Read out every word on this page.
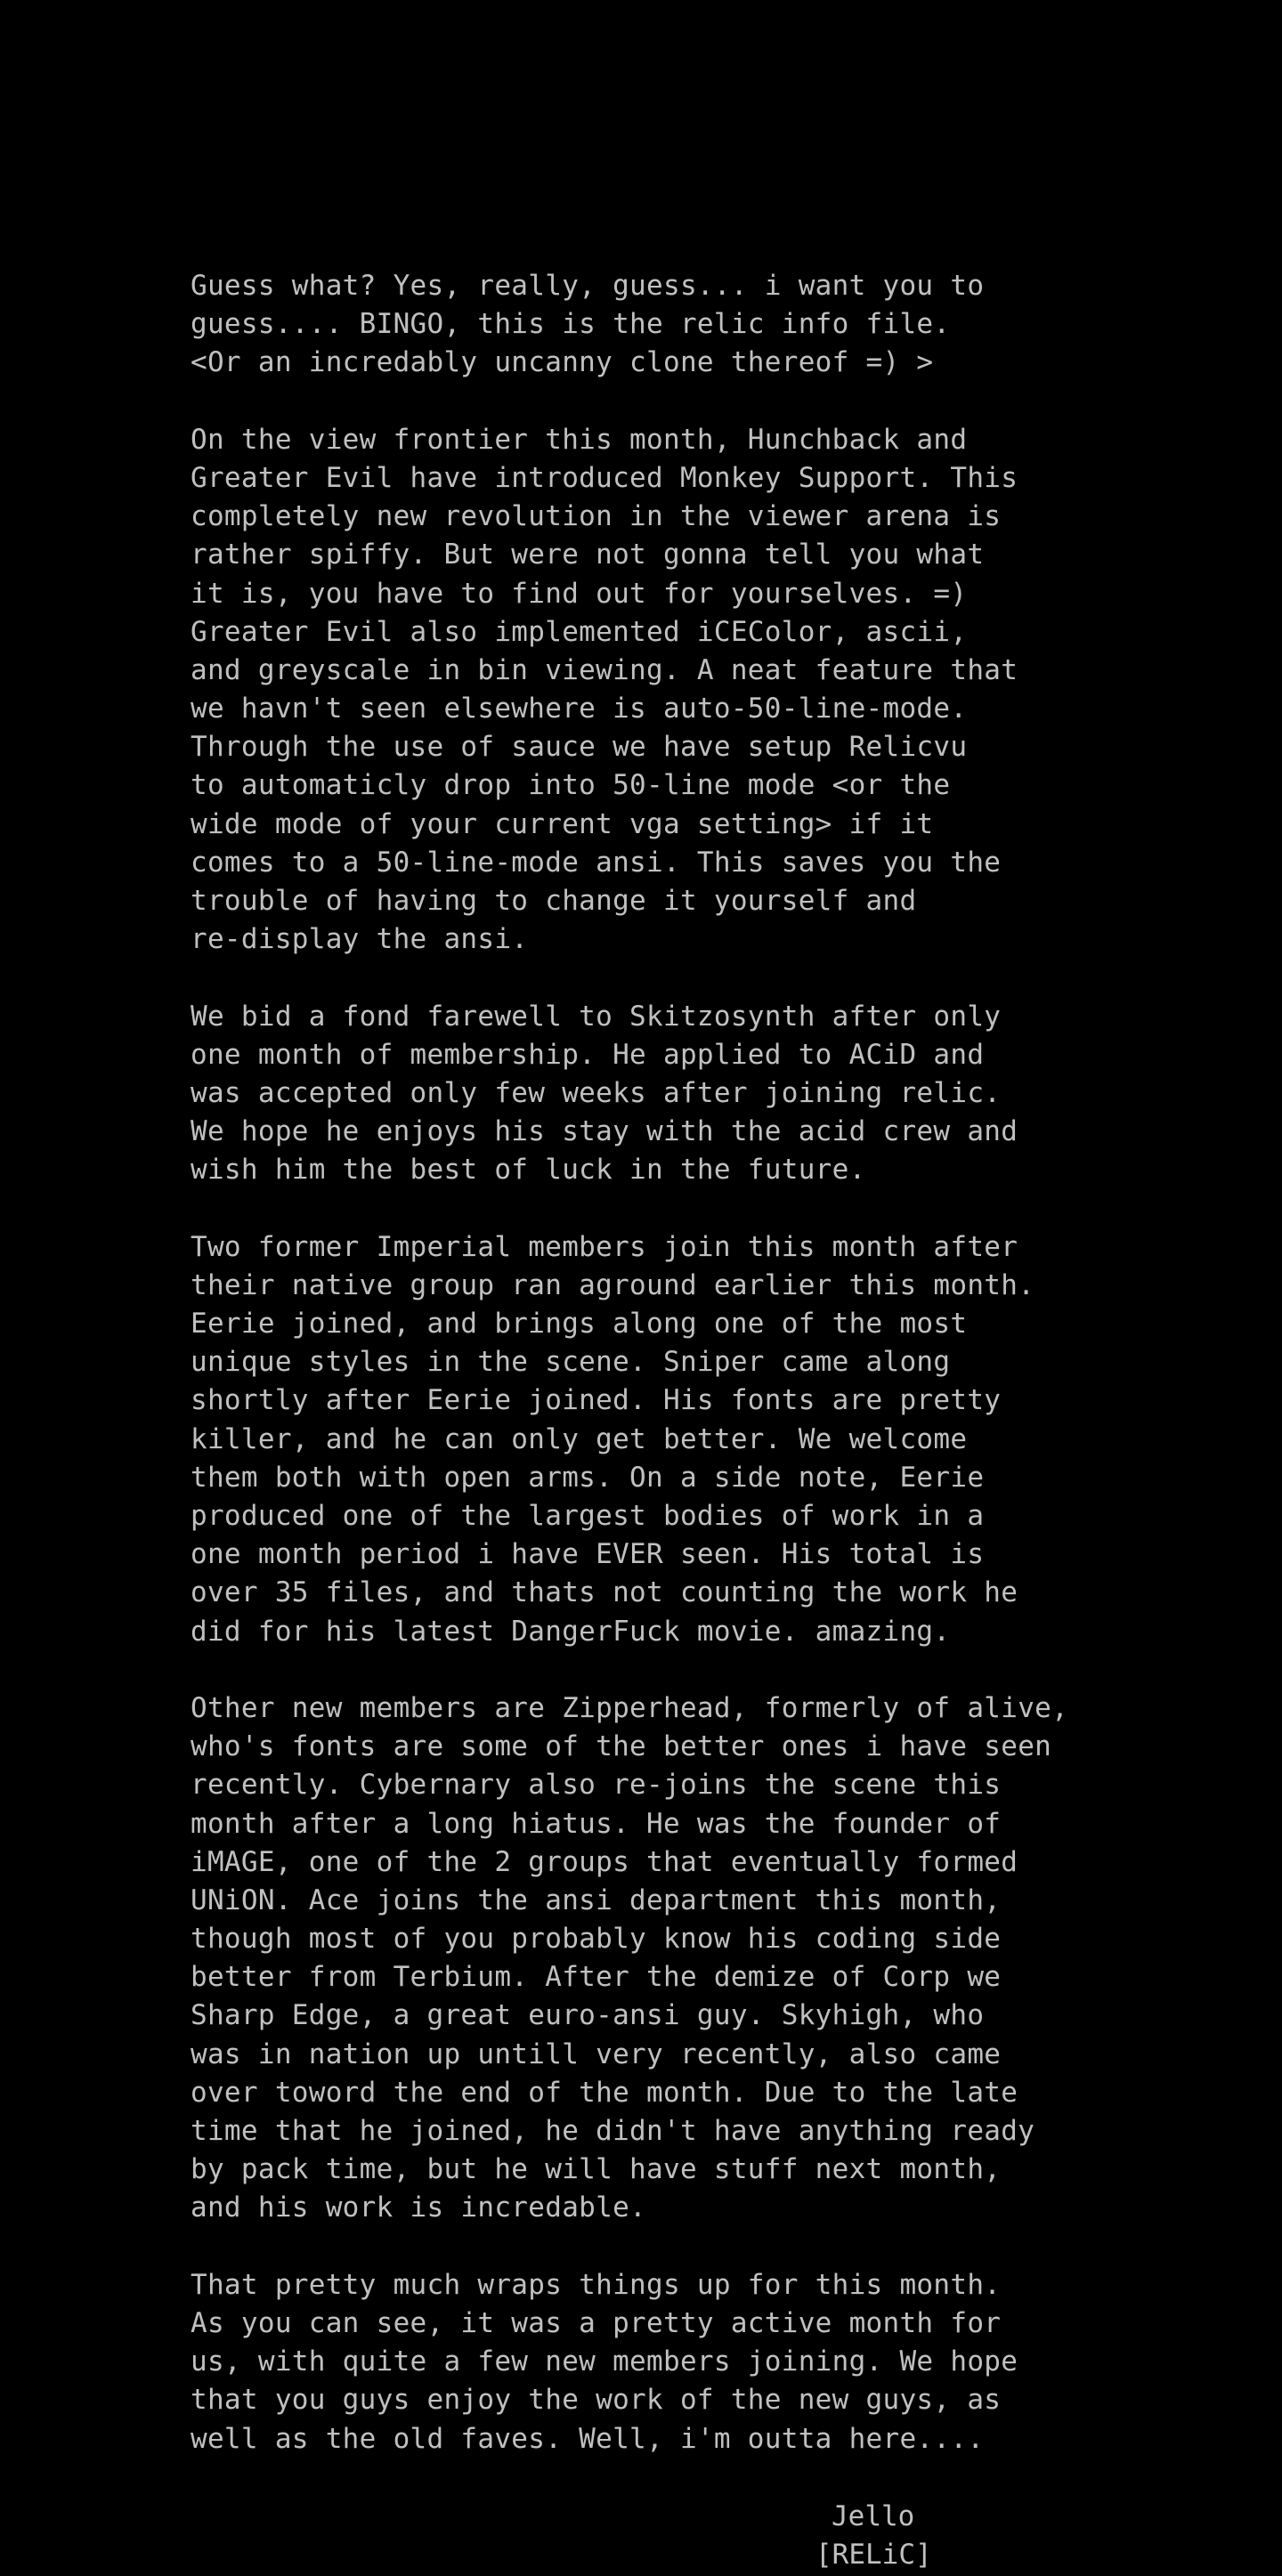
Guess what? Yes, really, guess... i want you to
guess.... BINGO, this is the relic info file.
<Or an incredably uncanny clone thereof =) >
On the view frontier this month, Hunchback and
Greater Evil have introduced Monkey Support. This
completely new revolution in the viewer arena is
rather spiffy. But were not gonna tell you what
it is, you have to find out for yourselves. =)
Greater Evil also implemented iCEColor, ascii,
and greyscale in bin viewing. A neat feature that
we havn't seen elsewhere is auto-50-line-mode.
Through the use of sauce we have setup Relicvu
to automaticly drop into 50-line mode <or the
wide mode of your current vga setting> if it
comes to a 50-line-mode ansi. This saves you the
trouble of having to change it yourself and
re-display the ansi.
We bid a fond farewell to Skitzosynth after only
one month of membership. He applied to ACiD and
was accepted only few weeks after joining relic.
We hope he enjoys his stay with the acid crew and
wish him the best of luck in the future.
Two former Imperial members join this month after
their native group ran aground earlier this month.
Eerie joined, and brings along one of the most
unique styles in the scene. Sniper came along
shortly after Eerie joined. His fonts are pretty
killer, and he can only get better. We welcome
them both with open arms. On a side note, Eerie
produced one of the largest bodies of work in a
one month period i have EVER seen. His total is
over 35 files, and thats not counting the work he
did for his latest DangerFuck movie. amazing.
Other new members are Zipperhead, formerly of alive,
who's fonts are some of the better ones i have seen
recently. Cybernary also re-joins the scene this
month after a long hiatus. He was the founder of
iMAGE, one of the 2 groups that eventually formed
UNiON. Ace joins the ansi department this month,
though most of you probably know his coding side
better from Terbium. After the demize of Corp we
Sharp Edge, a great euro-ansi guy. Skyhigh, who
was in nation up untill very recently, also came
over toword the end of the month. Due to the late
time that he joined, he didn't have anything ready
by pack time, but he will have stuff next month,
and his work is incredable.
That pretty much wraps things up for this month.
As you can see, it was a pretty active month for
us, with quite a few new members joining. We hope
that you guys enjoy the work of the new guys, as
well as the old faves. Well, i'm outta here....
Jello
[RELiC]
